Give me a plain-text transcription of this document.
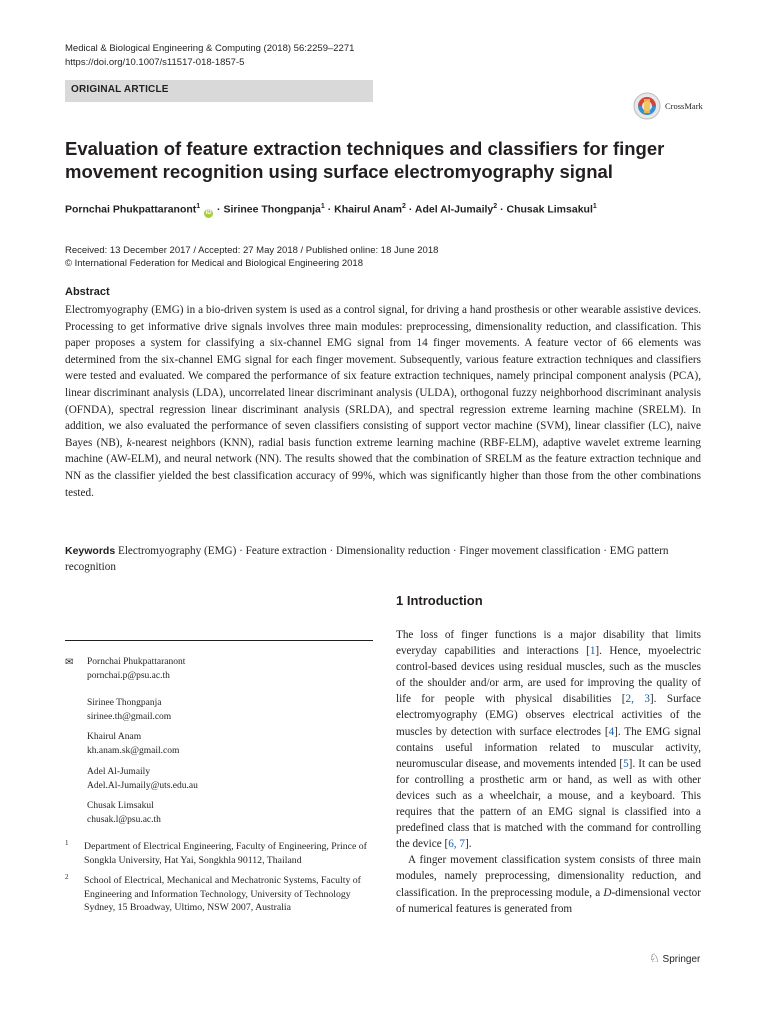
Medical & Biological Engineering & Computing (2018) 56:2259–2271
https://doi.org/10.1007/s11517-018-1857-5
ORIGINAL ARTICLE
CrossMark
Evaluation of feature extraction techniques and classifiers for finger
movement recognition using surface electromyography signal
Pornchai Phukpattaranont$^1$ iD · Sirinee Thongpanja$^1$ · Khairul Anam$^2$ · Adel Al-Jumaily$^2$ · Chusak Limsakul$^1$
Received: 13 December 2017 / Accepted: 27 May 2018 / Published online: 18 June 2018
© International Federation for Medical and Biological Engineering 2018
Abstract
Electromyography (EMG) in a bio-driven system is used as a control signal, for driving a hand prosthesis or other wearable assistive devices. Processing to get informative drive signals involves three main modules: preprocessing, dimensionality reduction, and classification. This paper proposes a system for classifying a six-channel EMG signal from 14 finger movements. A feature vector of 66 elements was determined from the six-channel EMG signal for each finger movement. Subsequently, various feature extraction techniques and classifiers were tested and evaluated. We compared the performance of six feature extraction techniques, namely principal component analysis (PCA), linear discriminant analysis (LDA), uncorrelated linear discriminant analysis (ULDA), orthogonal fuzzy neighborhood discriminant analysis (OFNDA), spectral regression linear discriminant analysis (SRLDA), and spectral regression extreme learning machine (SRELM). In addition, we also evaluated the performance of seven classifiers consisting of support vector machine (SVM), linear classifier (LC), naive Bayes (NB), k-nearest neighbors (KNN), radial basis function extreme learning machine (RBF-ELM), adaptive wavelet extreme learning machine (AW-ELM), and neural network (NN). The results showed that the combination of SRELM as the feature extraction technique and NN as the classifier yielded the best classification accuracy of 99%, which was significantly higher than those from the other combinations tested.
Keywords Electromyography (EMG) · Feature extraction · Dimensionality reduction · Finger movement classification · EMG pattern recognition
✉ Pornchai Phukpattaranont
pornchai.p@psu.ac.th
Sirinee Thongpanja
sirinee.th@gmail.com
Khairul Anam
kh.anam.sk@gmail.com
Adel Al-Jumaily
Adel.Al-Jumaily@uts.edu.au
Chusak Limsakul
chusak.l@psu.ac.th
1 Department of Electrical Engineering, Faculty of Engineering, Prince of Songkla University, Hat Yai, Songkhla 90112, Thailand
2 School of Electrical, Mechanical and Mechatronic Systems, Faculty of Engineering and Information Technology, University of Technology Sydney, 15 Broadway, Ultimo, NSW 2007, Australia
1 Introduction

The loss of finger functions is a major disability that limits everyday capabilities and interactions [1]. Hence, myoelectric control-based devices using residual muscles, such as the muscles of the shoulder and/or arm, are used for improving the quality of life for people with physical disabilities [2, 3]. Surface electromyography (EMG) observes electrical activities of the muscles by detection with surface electrodes [4]. The EMG signal contains useful information related to muscular activity, neuromuscular disease, and movements intended [5]. It can be used for controlling a prosthetic arm or hand, as well as with other devices such as a wheelchair, a mouse, and a keyboard. This requires that the pattern of an EMG signal is classified into a predefined class that is matched with the command for controlling the device [6, 7].

A finger movement classification system consists of three main modules, namely preprocessing, dimensionality reduction, and classification. In the preprocessing module, a D-dimensional vector of numerical features is generated from

♘ Springer
